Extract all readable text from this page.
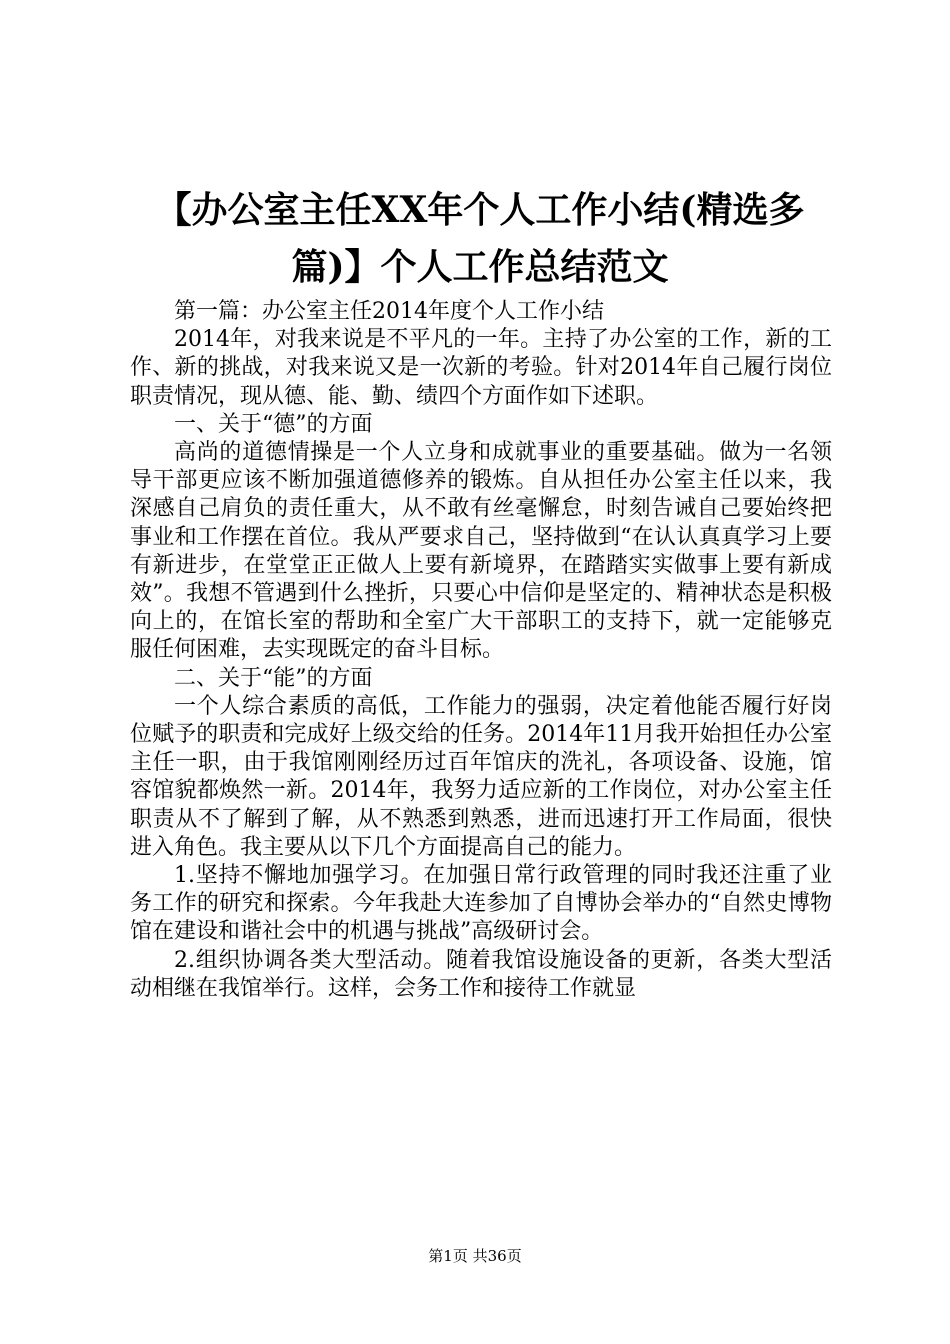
【办公室主任XX年个人工作小结(精选多篇)】个人工作总结范文

第一篇：办公室主任2014年度个人工作小结

2014年，对我来说是不平凡的一年。主持了办公室的工作，新的工作、新的挑战，对我来说又是一次新的考验。针对2014年自己履行岗位职责情况，现从德、能、勤、绩四个方面作如下述职。

一、关于“德”的方面

高尚的道德情操是一个人立身和成就事业的重要基础。做为一名领导干部更应该不断加强道德修养的锻炼。自从担任办公室主任以来，我深感自己肩负的责任重大，从不敢有丝毫懈怠，时刻告诫自己要始终把事业和工作摆在首位。我从严要求自己，坚持做到“在认认真真学习上要有新进步，在堂堂正正做人上要有新境界，在踏踏实实做事上要有新成效”。我想不管遇到什么挫折，只要心中信仰是坚定的、精神状态是积极向上的，在馆长室的帮助和全室广大干部职工的支持下，就一定能够克服任何困难，去实现既定的奋斗目标。

二、关于“能”的方面

一个人综合素质的高低，工作能力的强弱，决定着他能否履行好岗位赋予的职责和完成好上级交给的任务。2014年11月我开始担任办公室主任一职，由于我馆刚刚经历过百年馆庆的洗礼，各项设备、设施，馆容馆貌都焕然一新。2014年，我努力适应新的工作岗位，对办公室主任职责从不了解到了解，从不熟悉到熟悉，进而迅速打开工作局面，很快进入角色。我主要从以下几个方面提高自己的能力。

1.坚持不懈地加强学习。在加强日常行政管理的同时我还注重了业务工作的研究和探索。今年我赴大连参加了自博协会举办的“自然史博物馆在建设和谐社会中的机遇与挑战”高级研讨会。

2.组织协调各类大型活动。随着我馆设施设备的更新，各类大型活动相继在我馆举行。这样，会务工作和接待工作就显

第1页 共36页
